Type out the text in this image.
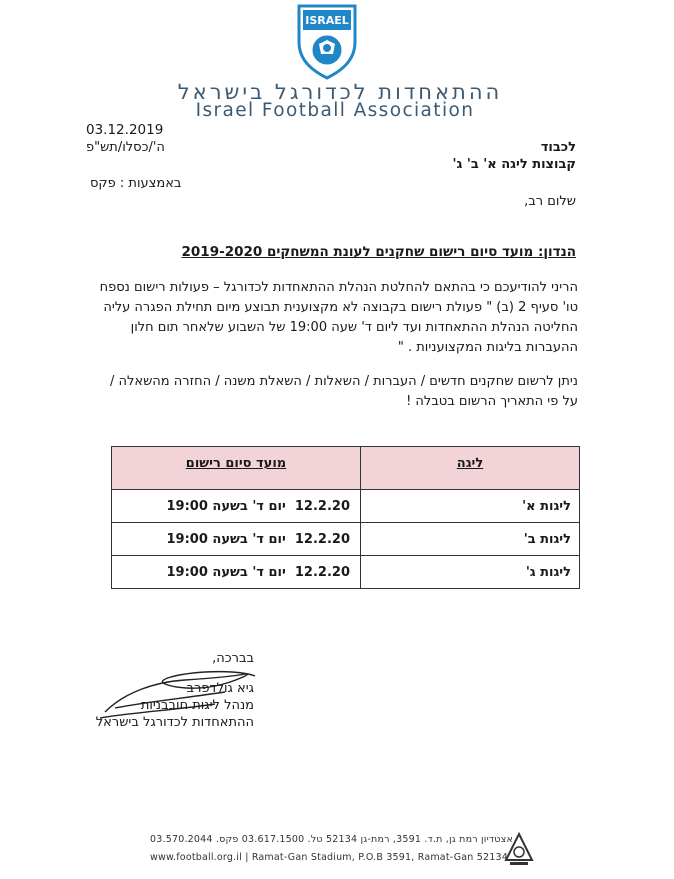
ISRAEL
ההתאחדות לכדורגל בישראל
Israel Football Association
03.12.2019
ה'/כסלו/תש"פ
באמצעות : פקס
לכבוד
קבוצות ליגה א' ב' ג'
שלום רב,
הנדון: מועד סיום רישום שחקנים לעונת המשחקים 2019-2020
הריני להודיעכם כי בהתאם להחלטת הנהלת ההתאחדות לכדורגל – פעולות רישום נספח
טו' סעיף 2 (ב) " פעולת רישום בקבוצה לא מקצוענית תבוצע מיום תחילת הפגרה עליה
החליטה הנהלת ההתאחדות ועד ליום ד' שעה 19:00 של השבוע שלאחר תום חלון
ההעברות בליגות המקצועניות . "
ניתן לרשום שחקנים חדשים / העברות / השאלות / השאלת משנה / החזרה מהשאלה /
על פי התאריך הרשום בטבלה !
ליגה	מועד סיום רישום
ליגות א'	12.2.20  יום ד' בשעה 19:00
ליגות ב'	12.2.20  יום ד' בשעה 19:00
ליגות ג'	12.2.20  יום ד' בשעה 19:00
בברכה,
גיא גולדפרב
מנהל ליגות חובבניות
ההתאחדות לכדורגל בישראל
אצטדיון רמת גן, ת.ד. 3591, רמת-גן 52134 טל. 03.617.1500 פקס. 03.570.2044
www.football.org.il | Ramat-Gan Stadium, P.O.B 3591, Ramat-Gan 52134
